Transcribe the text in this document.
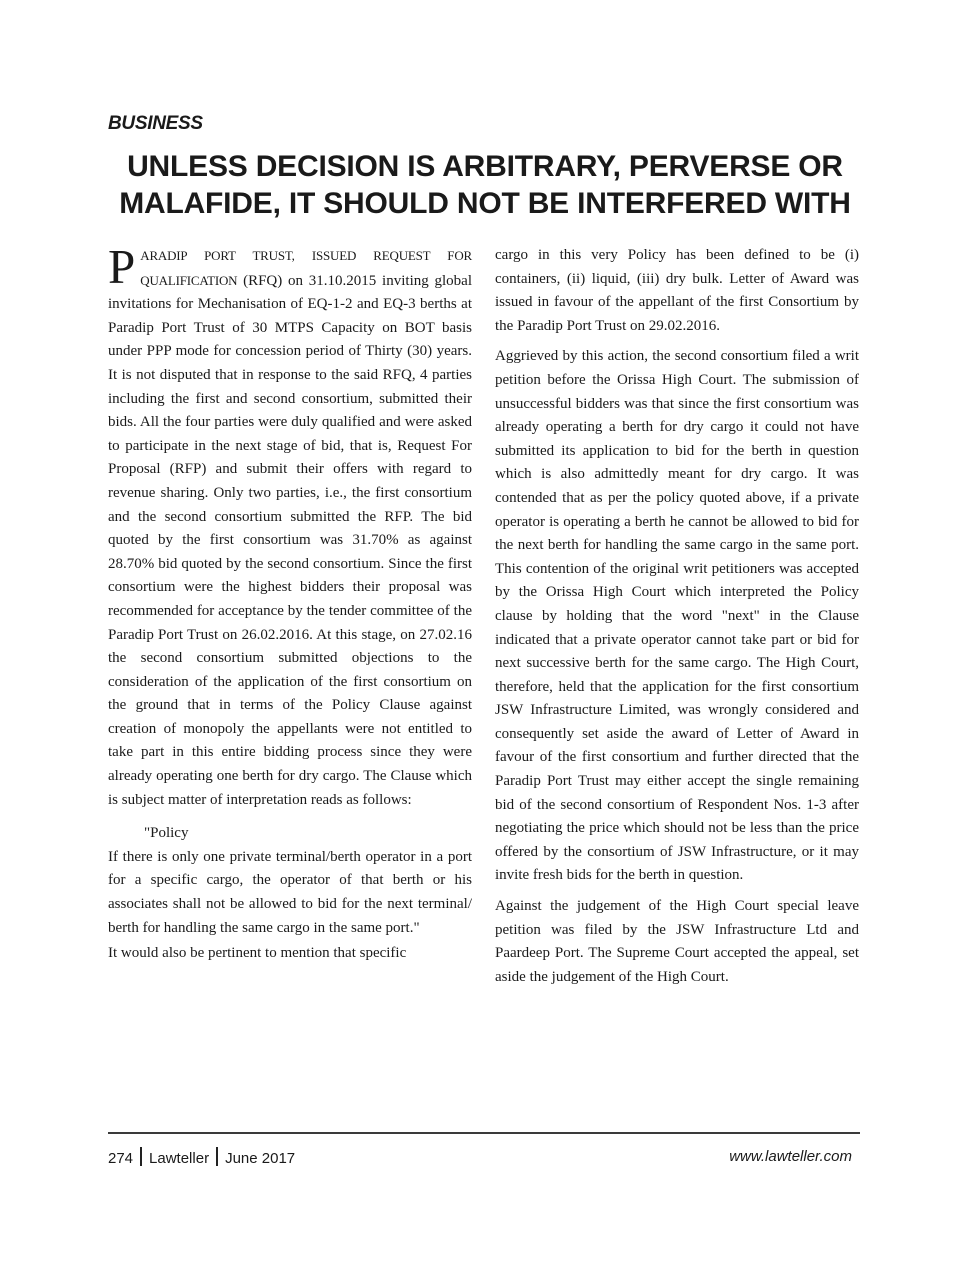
BUSINESS
UNLESS DECISION IS ARBITRARY, PERVERSE OR
MALAFIDE, IT SHOULD NOT BE INTERFERED WITH

PARADIP PORT TRUST, ISSUED REQUEST FOR QUALIFICATION (RFQ) on 31.10.2015 inviting global invitations for Mechanisation of EQ-1-2 and EQ-3 berths at Paradip Port Trust of 30 MTPS Capacity on BOT basis under PPP mode for concession period of Thirty (30) years. It is not disputed that in response to the said RFQ, 4 parties including the first and second consortium, submitted their bids. All the four parties were duly qualified and were asked to participate in the next stage of bid, that is, Request For Proposal (RFP) and submit their offers with regard to revenue sharing. Only two parties, i.e., the first consortium and the second consortium submitted the RFP. The bid quoted by the first consortium was 31.70% as against 28.70% bid quoted by the second consortium. Since the first consortium were the highest bidders their proposal was recommended for acceptance by the tender committee of the Paradip Port Trust on 26.02.2016. At this stage, on 27.02.16 the second consortium submitted objections to the consideration of the application of the first consortium on the ground that in terms of the Policy Clause against creation of monopoly the appellants were not entitled to take part in this entire bidding process since they were already operating one berth for dry cargo. The Clause which is subject matter of interpretation reads as follows:

"Policy

If there is only one private terminal/berth operator in a port for a specific cargo, the operator of that berth or his associates shall not be allowed to bid for the next terminal/ berth for handling the same cargo in the same port."

It would also be pertinent to mention that specific

cargo in this very Policy has been defined to be (i) containers, (ii) liquid, (iii) dry bulk. Letter of Award was issued in favour of the appellant of the first Consortium by the Paradip Port Trust on 29.02.2016.

Aggrieved by this action, the second consortium filed a writ petition before the Orissa High Court. The submission of unsuccessful bidders was that since the first consortium was already operating a berth for dry cargo it could not have submitted its application to bid for the berth in question which is also admittedly meant for dry cargo. It was contended that as per the policy quoted above, if a private operator is operating a berth he cannot be allowed to bid for the next berth for handling the same cargo in the same port. This contention of the original writ petitioners was accepted by the Orissa High Court which interpreted the Policy clause by holding that the word "next" in the Clause indicated that a private operator cannot take part or bid for next successive berth for the same cargo. The High Court, therefore, held that the application for the first consortium JSW Infrastructure Limited, was wrongly considered and consequently set aside the award of Letter of Award in favour of the first consortium and further directed that the Paradip Port Trust may either accept the single remaining bid of the second consortium of Respondent Nos. 1-3 after negotiating the price which should not be less than the price offered by the consortium of JSW Infrastructure, or it may invite fresh bids for the berth in question.

Against the judgement of the High Court special leave petition was filed by the JSW Infrastructure Ltd and Paardeep Port. The Supreme Court accepted the appeal, set aside the judgement of the High Court.

274 Lawteller June 2017	www.lawteller.com
